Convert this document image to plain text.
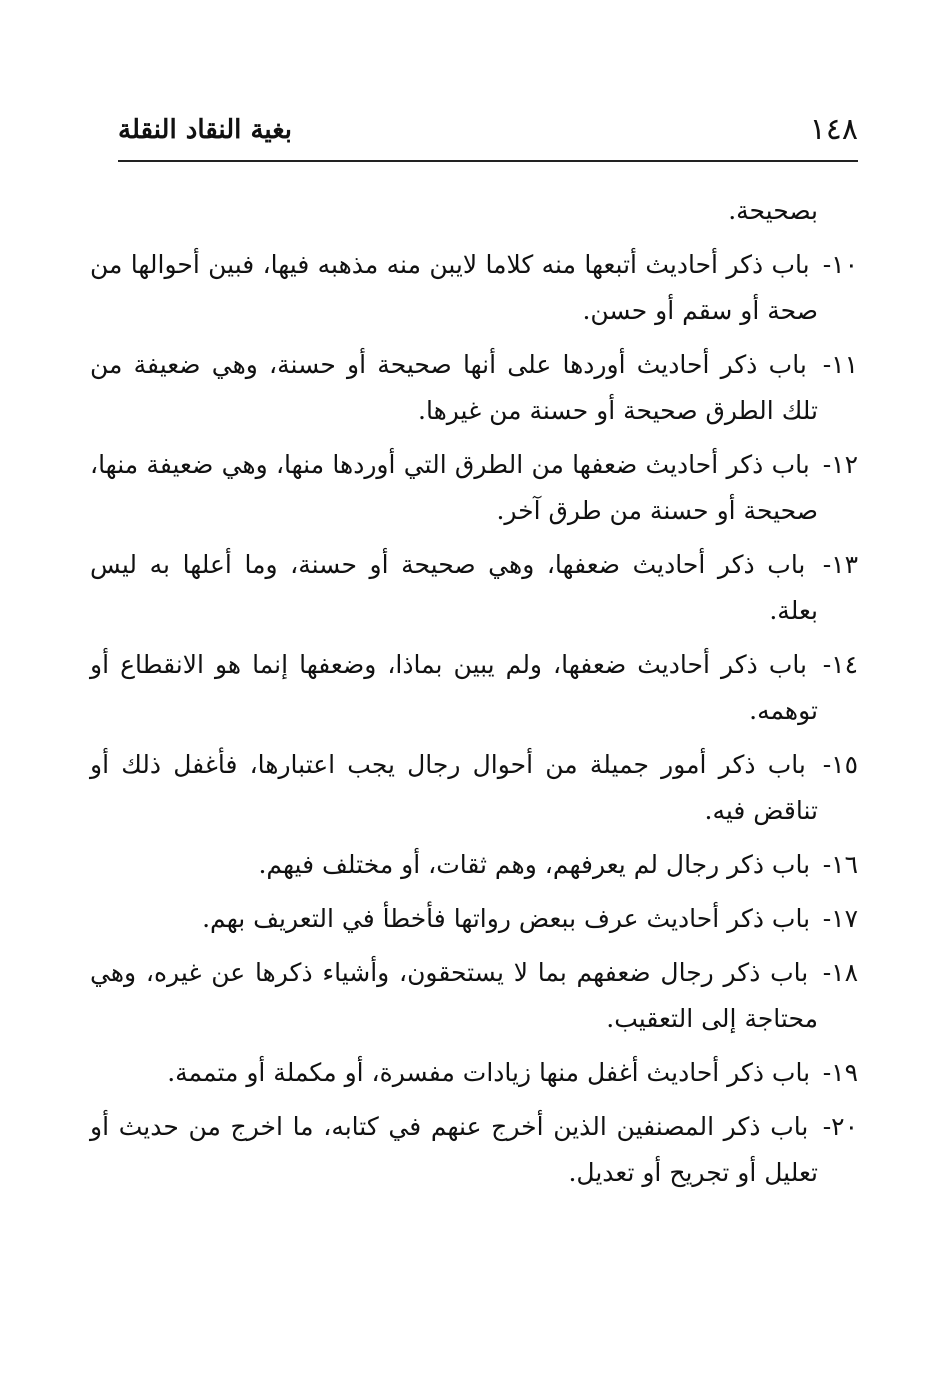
١٤٨
بغية النقاد النقلة

بصحيحة.

١٠- باب ذكر أحاديث أتبعها منه كلاما لايبن منه مذهبه فيها، فبين أحوالها من صحة أو سقم أو حسن.

١١- باب ذكر أحاديث أوردها على أنها صحيحة أو حسنة، وهي ضعيفة من تلك الطرق صحيحة أو حسنة من غيرها.

١٢- باب ذكر أحاديث ضعفها من الطرق التي أوردها منها، وهي ضعيفة منها، صحيحة أو حسنة من طرق آخر.

١٣- باب ذكر أحاديث ضعفها، وهي صحيحة أو حسنة، وما أعلها به ليس بعلة.

١٤- باب ذكر أحاديث ضعفها، ولم يبين بماذا، وضعفها إنما هو الانقطاع أو توهمه.

١٥- باب ذكر أمور جميلة من أحوال رجال يجب اعتبارها، فأغفل ذلك أو تناقض فيه.

١٦- باب ذكر رجال لم يعرفهم، وهم ثقات، أو مختلف فيهم.

١٧- باب ذكر أحاديث عرف ببعض رواتها فأخطأ في التعريف بهم.

١٨- باب ذكر رجال ضعفهم بما لا يستحقون، وأشياء ذكرها عن غيره، وهي محتاجة إلى التعقيب.

١٩- باب ذكر أحاديث أغفل منها زيادات مفسرة، أو مكملة أو متممة.

٢٠- باب ذكر المصنفين الذين أخرج عنهم في كتابه، ما اخرج من حديث أو تعليل أو تجريح أو تعديل.
